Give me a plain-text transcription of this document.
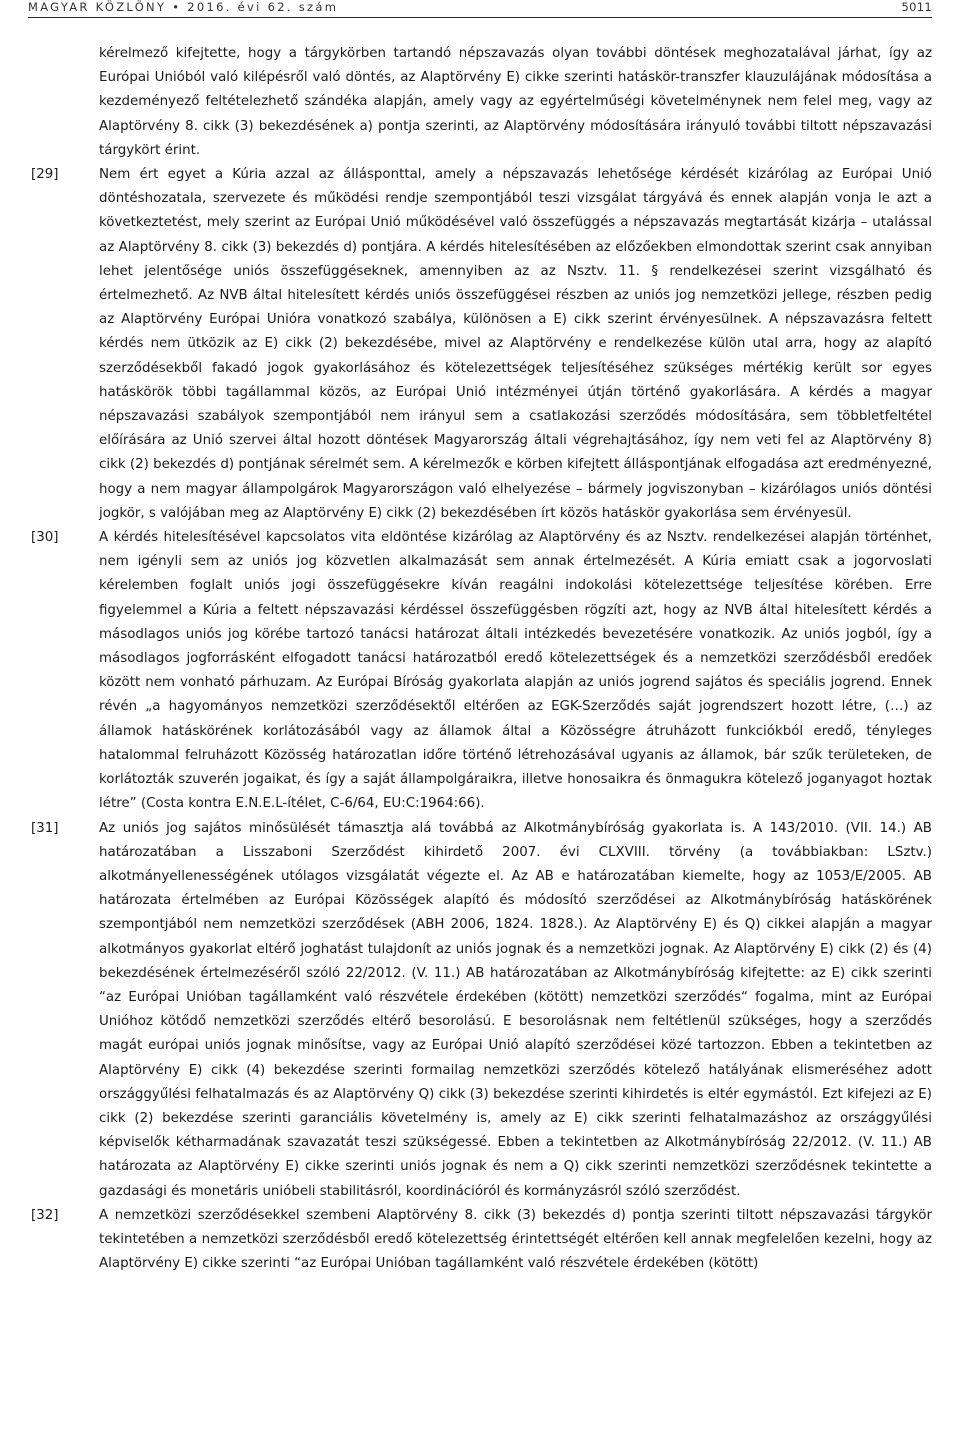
MAGYAR KÖZLÖNY • 2016. évi 62. szám	5011
kérelmező kifejtette, hogy a tárgykörben tartandó népszavazás olyan további döntések meghozatalával járhat, így az Európai Unióból való kilépésről való döntés, az Alaptörvény E) cikke szerinti hatáskör-transzfer klauzulájának módosítása a kezdeményező feltételezhető szándéka alapján, amely vagy az egyértelműségi követelménynek nem felel meg, vagy az Alaptörvény 8. cikk (3) bekezdésének a) pontja szerinti, az Alaptörvény módosítására irányuló további tiltott népszavazási tárgykört érint.
[29]	Nem ért egyet a Kúria azzal az állásponttal, amely a népszavazás lehetősége kérdését kizárólag az Európai Unió döntéshozatala, szervezete és működési rendje szempontjából teszi vizsgálat tárgyává és ennek alapján vonja le azt a következtetést, mely szerint az Európai Unió működésével való összefüggés a népszavazás megtartását kizárja – utalással az Alaptörvény 8. cikk (3) bekezdés d) pontjára. A kérdés hitelesítésében az előzőekben elmondottak szerint csak annyiban lehet jelentősége uniós összefüggéseknek, amennyiben az az Nsztv. 11. § rendelkezései szerint vizsgálható és értelmezhető. Az NVB által hitelesített kérdés uniós összefüggései részben az uniós jog nemzetközi jellege, részben pedig az Alaptörvény Európai Unióra vonatkozó szabálya, különösen a E) cikk szerint érvényesülnek. A népszavazásra feltett kérdés nem ütközik az E) cikk (2) bekezdésébe, mivel az Alaptörvény e rendelkezése külön utal arra, hogy az alapító szerződésekből fakadó jogok gyakorlásához és kötelezettségek teljesítéséhez szükséges mértékig került sor egyes hatáskörök többi tagállammal közös, az Európai Unió intézményei útján történő gyakorlására. A kérdés a magyar népszavazási szabályok szempontjából nem irányul sem a csatlakozási szerződés módosítására, sem többletfeltétel előírására az Unió szervei által hozott döntések Magyarország általi végrehajtásához, így nem veti fel az Alaptörvény 8) cikk (2) bekezdés d) pontjának sérelmét sem. A kérelmezők e körben kifejtett álláspontjának elfogadása azt eredményezné, hogy a nem magyar állampolgárok Magyarországon való elhelyezése – bármely jogviszonyban – kizárólagos uniós döntési jogkör, s valójában meg az Alaptörvény E) cikk (2) bekezdésében írt közös hatáskör gyakorlása sem érvényesül.
[30]	A kérdés hitelesítésével kapcsolatos vita eldöntése kizárólag az Alaptörvény és az Nsztv. rendelkezései alapján történhet, nem igényli sem az uniós jog közvetlen alkalmazását sem annak értelmezését. A Kúria emiatt csak a jogorvoslati kérelemben foglalt uniós jogi összefüggésekre kíván reagálni indokolási kötelezettsége teljesítése körében. Erre figyelemmel a Kúria a feltett népszavazási kérdéssel összefüggésben rögzíti azt, hogy az NVB által hitelesített kérdés a másodlagos uniós jog körébe tartozó tanácsi határozat általi intézkedés bevezetésére vonatkozik. Az uniós jogból, így a másodlagos jogforrásként elfogadott tanácsi határozatból eredő kötelezettségek és a nemzetközi szerződésből eredőek között nem vonható párhuzam. Az Európai Bíróság gyakorlata alapján az uniós jogrend sajátos és speciális jogrend. Ennek révén „a hagyományos nemzetközi szerződésektől eltérően az EGK-Szerződés saját jogrendszert hozott létre, (…) az államok hatáskörének korlátozásából vagy az államok által a Közösségre átruházott funkciókból eredő, tényleges hatalommal felruházott Közösség határozatlan időre történő létrehozásával ugyanis az államok, bár szűk területeken, de korlátozták szuverén jogaikat, és így a saját állampolgáraikra, illetve honosaikra és önmagukra kötelező joganyagot hoztak létre” (Costa kontra E.N.E.L-ítélet, C-6/64, EU:C:1964:66).
[31]	Az uniós jog sajátos minősülését támasztja alá továbbá az Alkotmánybíróság gyakorlata is. A 143/2010. (VII. 14.) AB határozatában a Lisszaboni Szerződést kihirdető 2007. évi CLXVIII. törvény (a továbbiakban: LSztv.) alkotmányellenességének utólagos vizsgálatát végezte el. Az AB e határozatában kiemelte, hogy az 1053/E/2005. AB határozata értelmében az Európai Közösségek alapító és módosító szerződései az Alkotmánybíróság hatáskörének szempontjából nem nemzetközi szerződések (ABH 2006, 1824. 1828.). Az Alaptörvény E) és Q) cikkei alapján a magyar alkotmányos gyakorlat eltérő joghatást tulajdonít az uniós jognak és a nemzetközi jognak. Az Alaptörvény E) cikk (2) és (4) bekezdésének értelmezéséről szóló 22/2012. (V. 11.) AB határozatában az Alkotmánybíróság kifejtette: az E) cikk szerinti “az Európai Unióban tagállamként való részvétele érdekében (kötött) nemzetközi szerződés“ fogalma, mint az Európai Unióhoz kötődő nemzetközi szerződés eltérő besorolású. E besorolásnak nem feltétlenül szükséges, hogy a szerződés magát európai uniós jognak minősítse, vagy az Európai Unió alapító szerződései közé tartozzon. Ebben a tekintetben az Alaptörvény E) cikk (4) bekezdése szerinti formailag nemzetközi szerződés kötelező hatályának elismeréséhez adott országgyűlési felhatalmazás és az Alaptörvény Q) cikk (3) bekezdése szerinti kihirdetés is eltér egymástól. Ezt kifejezi az E) cikk (2) bekezdése szerinti garanciális követelmény is, amely az E) cikk szerinti felhatalmazáshoz az országgyűlési képviselők kétharmadának szavazatát teszi szükségessé. Ebben a tekintetben az Alkotmánybíróság 22/2012. (V. 11.) AB határozata az Alaptörvény E) cikke szerinti uniós jognak és nem a Q) cikk szerinti nemzetközi szerződésnek tekintette a gazdasági és monetáris unióbeli stabilitásról, koordinációról és kormányzásról szóló szerződést.
[32]	A nemzetközi szerződésekkel szembeni Alaptörvény 8. cikk (3) bekezdés d) pontja szerinti tiltott népszavazási tárgykör tekintetében a nemzetközi szerződésből eredő kötelezettség érintettségét eltérően kell annak megfelelően kezelni, hogy az Alaptörvény E) cikke szerinti “az Európai Unióban tagállamként való részvétele érdekében (kötött)
